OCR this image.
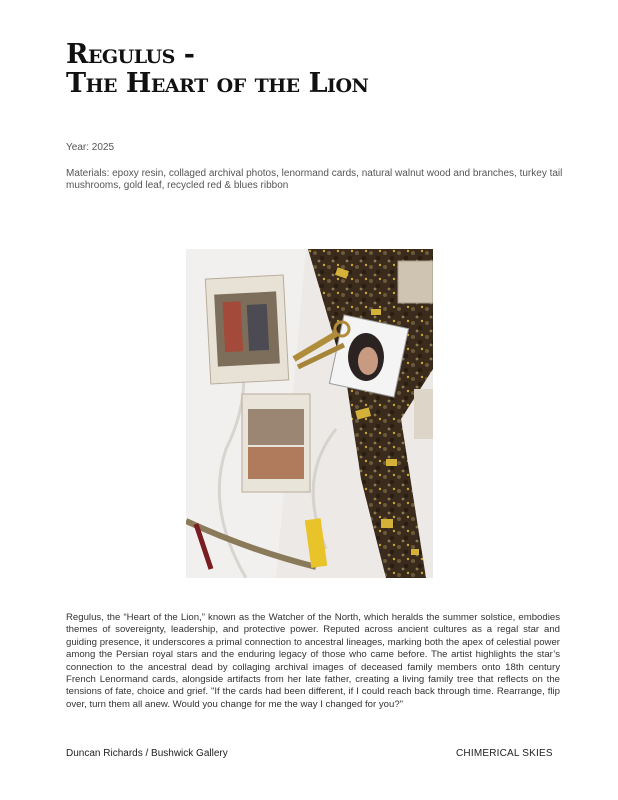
Regulus -
The Heart of the Lion
Year: 2025
Materials: epoxy resin, collaged archival photos, lenormand cards, natural walnut wood and branches, turkey tail mushrooms, gold leaf, recycled red & blues ribbon

Regulus, the “Heart of the Lion,” known as the Watcher of the North, which heralds the summer solstice, embodies themes of sovereignty, leadership, and protective power. Reputed across ancient cultures as a regal star and guiding presence, it underscores a primal connection to ancestral lineages, marking both the apex of celestial power among the Persian royal stars and the enduring legacy of those who came before. The artist highlights the star’s connection to the ancestral dead by collaging archival images of deceased family members onto 18th century French Lenormand cards, alongside artifacts from her late father, creating a living family tree that reflects on the tensions of fate, choice and grief. "If the cards had been different, if I could reach back through time. Rearrange, flip over, turn them all anew. Would you change for me the way I changed for you?"

Duncan Richards / Bushwick Gallery	CHIMERICAL SKIES
